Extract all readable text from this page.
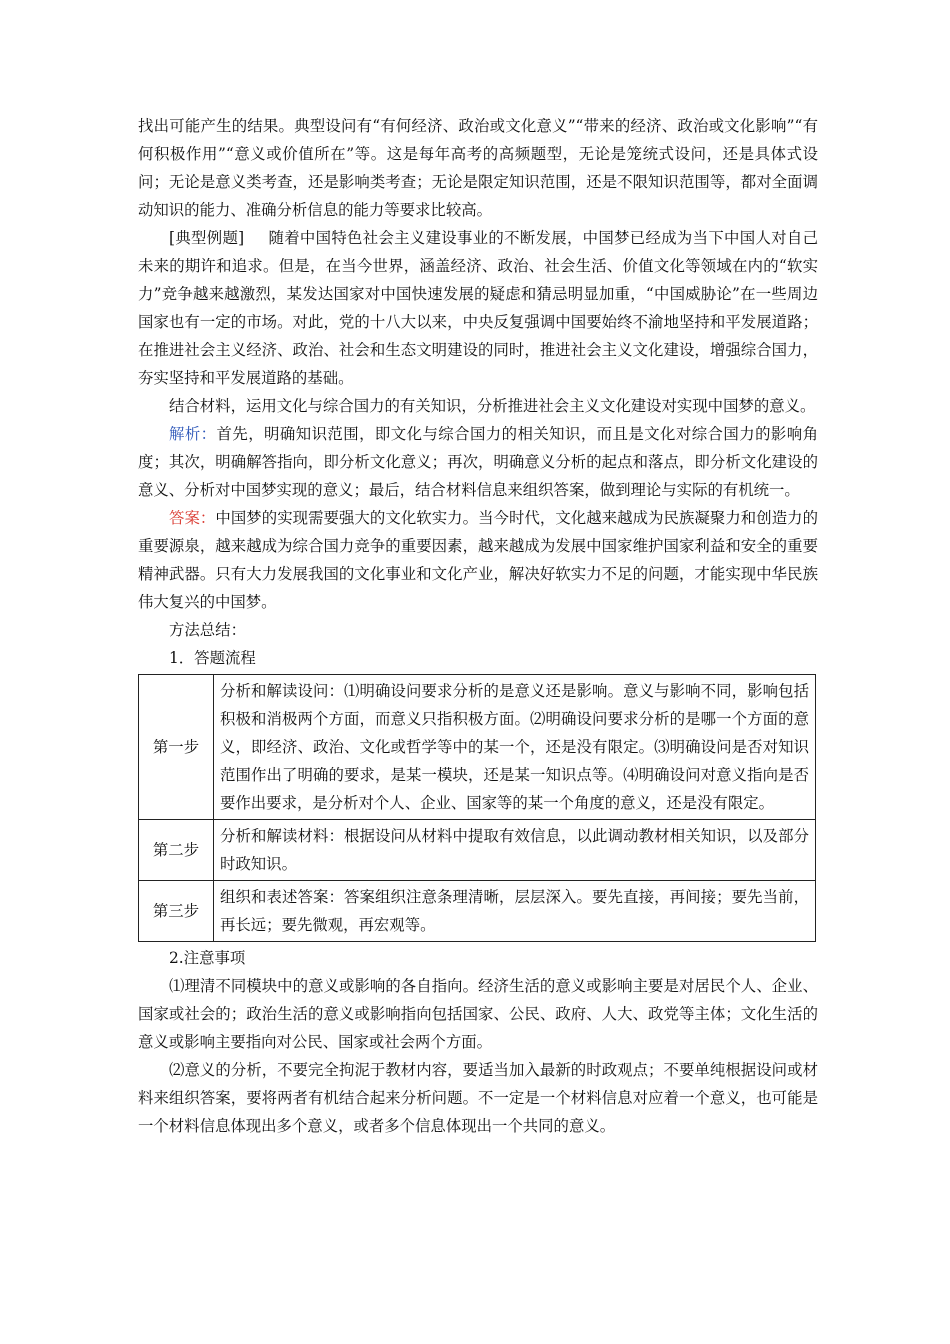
找出可能产生的结果。典型设问有“有何经济、政治或文化意义”“带来的经济、政治或文化影响”“有何积极作用”“意义或价值所在”等。这是每年高考的高频题型，无论是笼统式设问，还是具体式设问；无论是意义类考查，还是影响类考查；无论是限定知识范围，还是不限知识范围等，都对全面调动知识的能力、准确分析信息的能力等要求比较高。

[典型例题] 随着中国特色社会主义建设事业的不断发展，中国梦已经成为当下中国人对自己未来的期许和追求。但是，在当今世界，涵盖经济、政治、社会生活、价值文化等领域在内的“软实力”竞争越来越激烈，某发达国家对中国快速发展的疑虑和猜忌明显加重，“中国威胁论”在一些周边国家也有一定的市场。对此，党的十八大以来，中央反复强调中国要始终不渝地坚持和平发展道路；在推进社会主义经济、政治、社会和生态文明建设的同时，推进社会主义文化建设，增强综合国力，夯实坚持和平发展道路的基础。

结合材料，运用文化与综合国力的有关知识，分析推进社会主义文化建设对实现中国梦的意义。

解析：首先，明确知识范围，即文化与综合国力的相关知识，而且是文化对综合国力的影响角度；其次，明确解答指向，即分析文化意义；再次，明确意义分析的起点和落点，即分析文化建设的意义、分析对中国梦实现的意义；最后，结合材料信息来组织答案，做到理论与实际的有机统一。

答案：中国梦的实现需要强大的文化软实力。当今时代，文化越来越成为民族凝聚力和创造力的重要源泉，越来越成为综合国力竞争的重要因素，越来越成为发展中国家维护国家利益和安全的重要精神武器。只有大力发展我国的文化事业和文化产业，解决好软实力不足的问题，才能实现中华民族伟大复兴的中国梦。

方法总结：

1．答题流程

第一步	分析和解读设问：⑴明确设问要求分析的是意义还是影响。意义与影响不同，影响包括积极和消极两个方面，而意义只指积极方面。⑵明确设问要求分析的是哪一个方面的意义，即经济、政治、文化或哲学等中的某一个，还是没有限定。⑶明确设问是否对知识范围作出了明确的要求，是某一模块，还是某一知识点等。⑷明确设问对意义指向是否要作出要求，是分析对个人、企业、国家等的某一个角度的意义，还是没有限定。
第二步	分析和解读材料：根据设问从材料中提取有效信息，以此调动教材相关知识，以及部分时政知识。
第三步	组织和表述答案：答案组织注意条理清晰，层层深入。要先直接，再间接；要先当前，再长远；要先微观，再宏观等。

2.注意事项

⑴理清不同模块中的意义或影响的各自指向。经济生活的意义或影响主要是对居民个人、企业、国家或社会的；政治生活的意义或影响指向包括国家、公民、政府、人大、政党等主体；文化生活的意义或影响主要指向对公民、国家或社会两个方面。

⑵意义的分析，不要完全拘泥于教材内容，要适当加入最新的时政观点；不要单纯根据设问或材料来组织答案，要将两者有机结合起来分析问题。不一定是一个材料信息对应着一个意义，也可能是一个材料信息体现出多个意义，或者多个信息体现出一个共同的意义。
